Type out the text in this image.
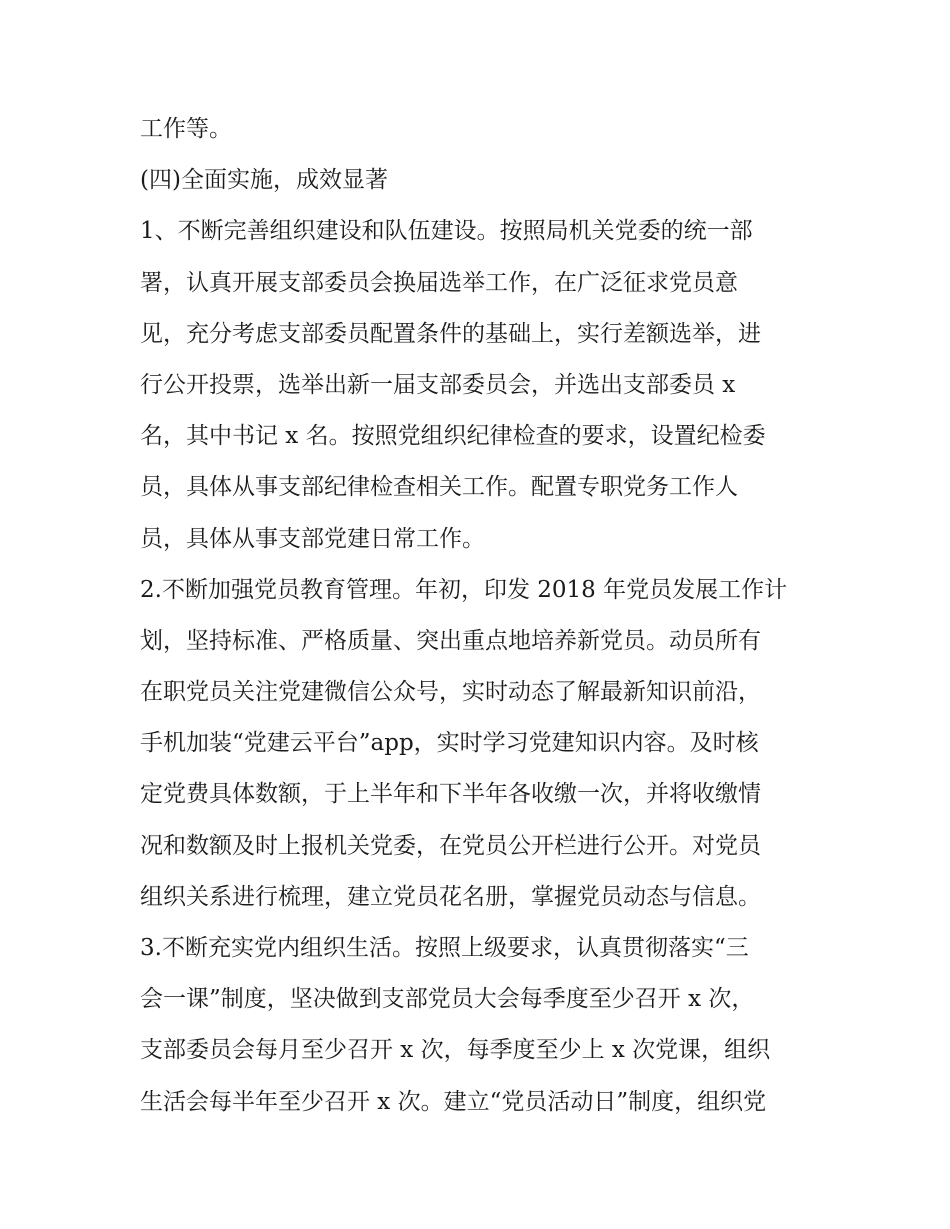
工作等。
(四)全面实施，成效显著
1、不断完善组织建设和队伍建设。按照局机关党委的统一部
署，认真开展支部委员会换届选举工作，在广泛征求党员意
见，充分考虑支部委员配置条件的基础上，实行差额选举，进
行公开投票，选举出新一届支部委员会，并选出支部委员 x
名，其中书记 x 名。按照党组织纪律检查的要求，设置纪检委
员，具体从事支部纪律检查相关工作。配置专职党务工作人
员，具体从事支部党建日常工作。
2.不断加强党员教育管理。年初，印发 2018 年党员发展工作计
划，坚持标准、严格质量、突出重点地培养新党员。动员所有
在职党员关注党建微信公众号，实时动态了解最新知识前沿，
手机加装“党建云平台”app，实时学习党建知识内容。及时核
定党费具体数额，于上半年和下半年各收缴一次，并将收缴情
况和数额及时上报机关党委，在党员公开栏进行公开。对党员
组织关系进行梳理，建立党员花名册，掌握党员动态与信息。
3.不断充实党内组织生活。按照上级要求，认真贯彻落实“三
会一课”制度，坚决做到支部党员大会每季度至少召开 x 次，
支部委员会每月至少召开 x 次，每季度至少上 x 次党课，组织
生活会每半年至少召开 x 次。建立“党员活动日”制度，组织党
